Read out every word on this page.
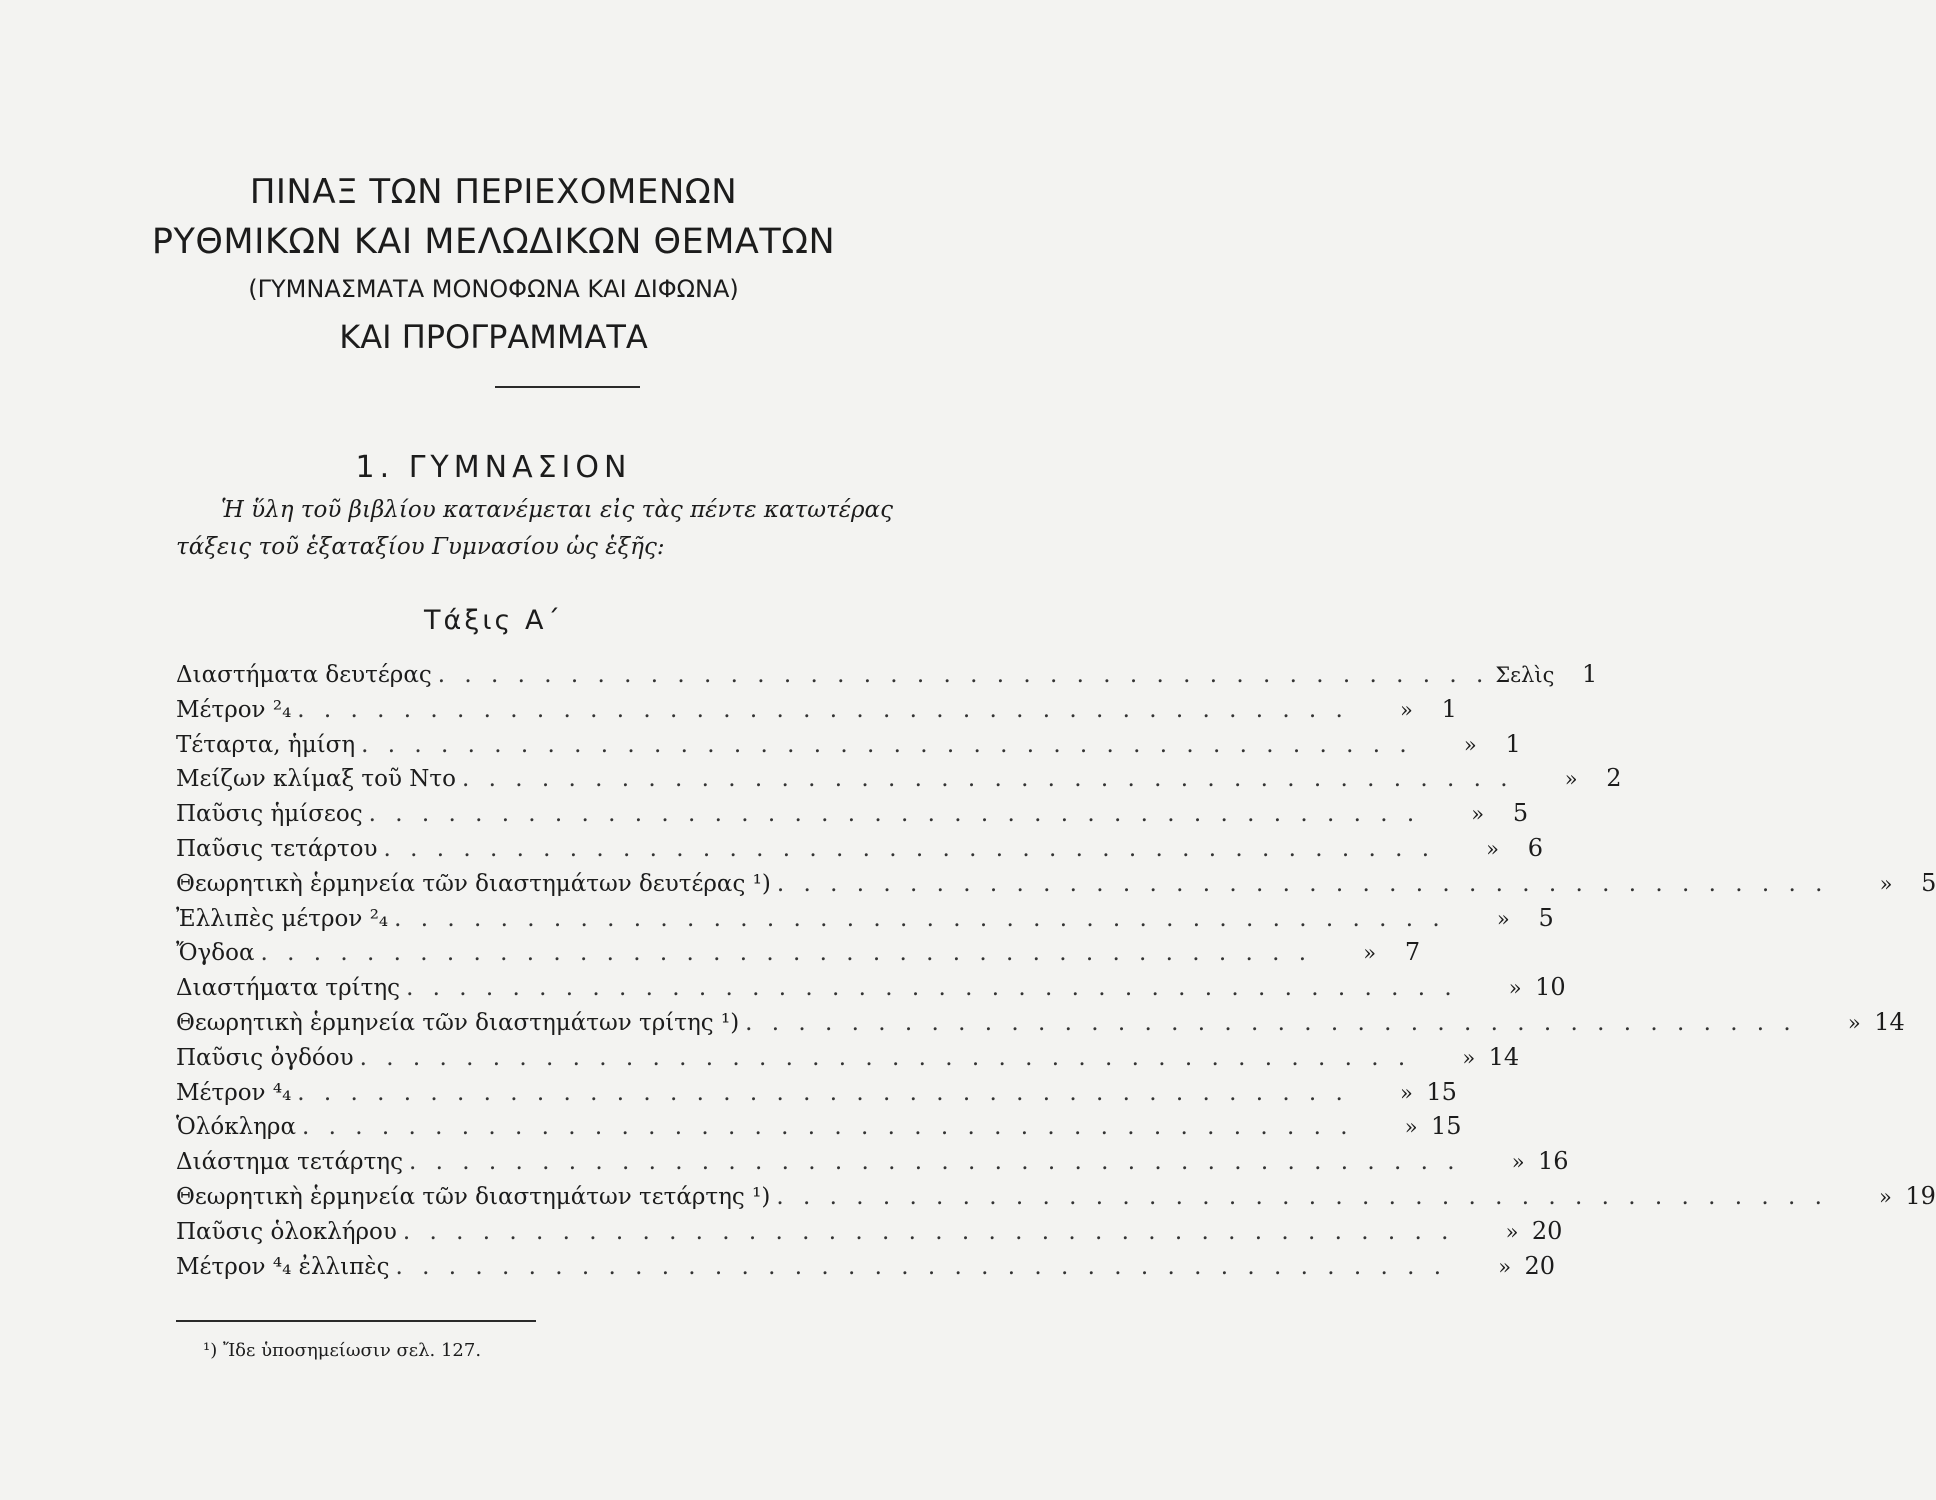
ΠΙΝΑΞ ΤΩΝ ΠΕΡΙΕΧΟΜΕΝΩΝ
ΡΥΘΜΙΚΩΝ ΚΑΙ ΜΕΛΩΔΙΚΩΝ ΘΕΜΑΤΩΝ
(ΓΥΜΝΑΣΜΑΤΑ ΜΟΝΟΦΩΝΑ ΚΑΙ ΔΙΦΩΝΑ)
ΚΑΙ ΠΡΟΓΡΑΜΜΑΤΑ
1. ΓΥΜΝΑΣΙΟΝ
Ἡ ὕλη τοῦ βιβλίου κατανέμεται εἰς τὰς πέντε κατωτέρας
τάξεις τοῦ ἑξαταξίου Γυμνασίου ὡς ἑξῆς:
Τάξις Α΄
Διαστήματα δευτέρας . . . . . . . . . . . . . . . . . . . . . . . . . . . . . . . . . . . . . . . . Σελὶς	1
Μέτρον ²₄ . . . . . . . . . . . . . . . . . . . . . . . . . . . . . . . . . . . . . . . .	»	1
Τέταρτα, ἡμίση . . . . . . . . . . . . . . . . . . . . . . . . . . . . . . . . . . . . . . . .	»	1
Μείζων κλίμαξ τοῦ Ντο . . . . . . . . . . . . . . . . . . . . . . . . . . . . . . . . . . . . . . . .	»	2
Παῦσις ἡμίσεος . . . . . . . . . . . . . . . . . . . . . . . . . . . . . . . . . . . . . . . .	»	5
Παῦσις τετάρτου . . . . . . . . . . . . . . . . . . . . . . . . . . . . . . . . . . . . . . . .	»	6
Θεωρητικὴ ἑρμηνεία τῶν διαστημάτων δευτέρας ¹) . . . . . . . . . . . . . . . . . . . . . . . . . . . . . . . . . . . . . . . .	»	5
Ἐλλιπὲς μέτρον ²₄ . . . . . . . . . . . . . . . . . . . . . . . . . . . . . . . . . . . . . . . .	»	5
Ὄγδοα . . . . . . . . . . . . . . . . . . . . . . . . . . . . . . . . . . . . . . . .	»	7
Διαστήματα τρίτης . . . . . . . . . . . . . . . . . . . . . . . . . . . . . . . . . . . . . . . .	» 10
Θεωρητικὴ ἑρμηνεία τῶν διαστημάτων τρίτης ¹) . . . . . . . . . . . . . . . . . . . . . . . . . . . . . . . . . . . . . . . .	» 14
Παῦσις ὀγδόου . . . . . . . . . . . . . . . . . . . . . . . . . . . . . . . . . . . . . . . .	» 14
Μέτρον ⁴₄ . . . . . . . . . . . . . . . . . . . . . . . . . . . . . . . . . . . . . . . .	» 15
Ὁλόκληρα . . . . . . . . . . . . . . . . . . . . . . . . . . . . . . . . . . . . . . . .	» 15
Διάστημα τετάρτης . . . . . . . . . . . . . . . . . . . . . . . . . . . . . . . . . . . . . . . .	» 16
Θεωρητικὴ ἑρμηνεία τῶν διαστημάτων τετάρτης ¹) . . . . . . . . . . . . . . . . . . . . . . . . . . . . . . . . . . . . . . . .	» 19
Παῦσις ὁλοκλήρου . . . . . . . . . . . . . . . . . . . . . . . . . . . . . . . . . . . . . . . .	» 20
Μέτρον ⁴₄ ἐλλιπὲς . . . . . . . . . . . . . . . . . . . . . . . . . . . . . . . . . . . . . . . .	» 20
¹) Ἴδε ὑποσημείωσιν σελ. 127.
